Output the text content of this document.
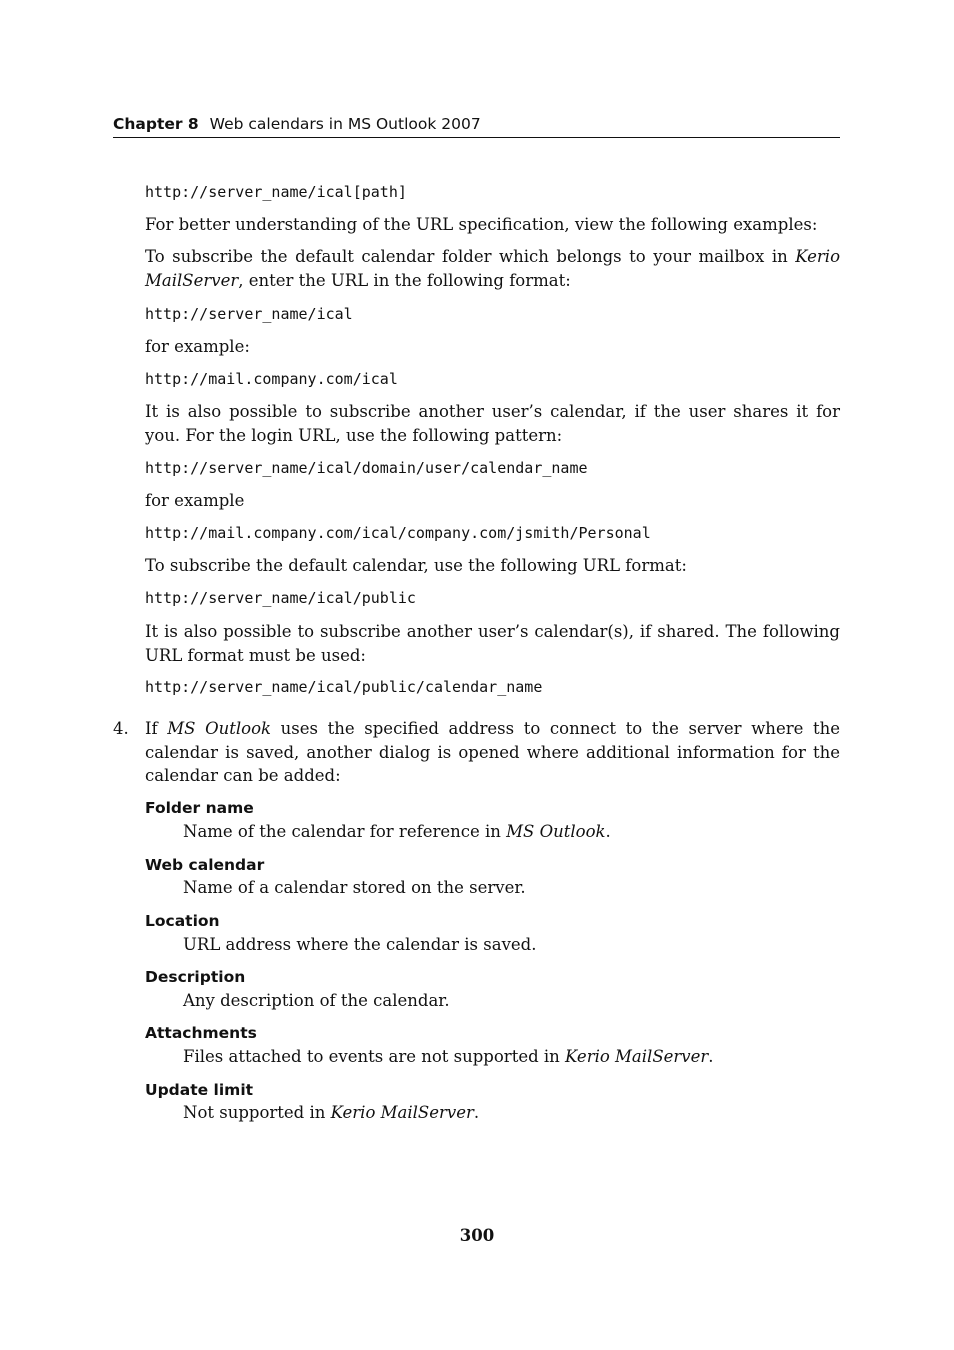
Chapter 8 Web calendars in MS Outlook 2007
http://server_name/ical[path]
For better understanding of the URL specification, view the following examples:
To subscribe the default calendar folder which belongs to your mailbox in Kerio MailServer, enter the URL in the following format:
http://server_name/ical
for example:
http://mail.company.com/ical
It is also possible to subscribe another user’s calendar, if the user shares it for you. For the login URL, use the following pattern:
http://server_name/ical/domain/user/calendar_name
for example
http://mail.company.com/ical/company.com/jsmith/Personal
To subscribe the default calendar, use the following URL format:
http://server_name/ical/public
It is also possible to subscribe another user’s calendar(s), if shared. The following URL format must be used:
http://server_name/ical/public/calendar_name
4. If MS Outlook uses the specified address to connect to the server where the calendar is saved, another dialog is opened where additional information for the calendar can be added:
Folder name
Name of the calendar for reference in MS Outlook.
Web calendar
Name of a calendar stored on the server.
Location
URL address where the calendar is saved.
Description
Any description of the calendar.
Attachments
Files attached to events are not supported in Kerio MailServer.
Update limit
Not supported in Kerio MailServer.
300
